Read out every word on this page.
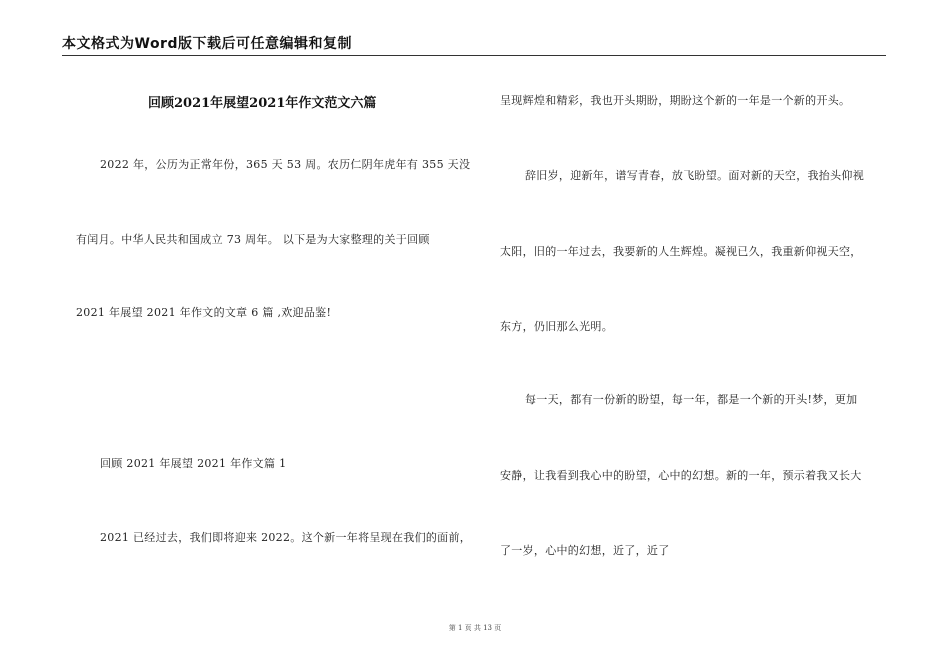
本文格式为Word版下载后可任意编辑和复制
回顾2021年展望2021年作文范文六篇
2022 年，公历为正常年份，365 天 53 周。农历仁阴年虎年有 355 天没
有闰月。中华人民共和国成立 73 周年。 以下是为大家整理的关于回顾
2021 年展望 2021 年作文的文章 6 篇 ,欢迎品鉴!
回顾 2021 年展望 2021 年作文篇 1
2021 已经过去，我们即将迎来 2022。这个新一年将呈现在我们的面前，
呈现辉煌和精彩，我也开头期盼，期盼这个新的一年是一个新的开头。
辞旧岁，迎新年，谱写青春，放飞盼望。面对新的天空，我抬头仰视
太阳，旧的一年过去，我要新的人生辉煌。凝视已久，我重新仰视天空，
东方，仍旧那么光明。
每一天，都有一份新的盼望，每一年，都是一个新的开头!梦，更加
安静，让我看到我心中的盼望，心中的幻想。新的一年，预示着我又长大
了一岁，心中的幻想，近了，近了
第 1 页 共 13 页
